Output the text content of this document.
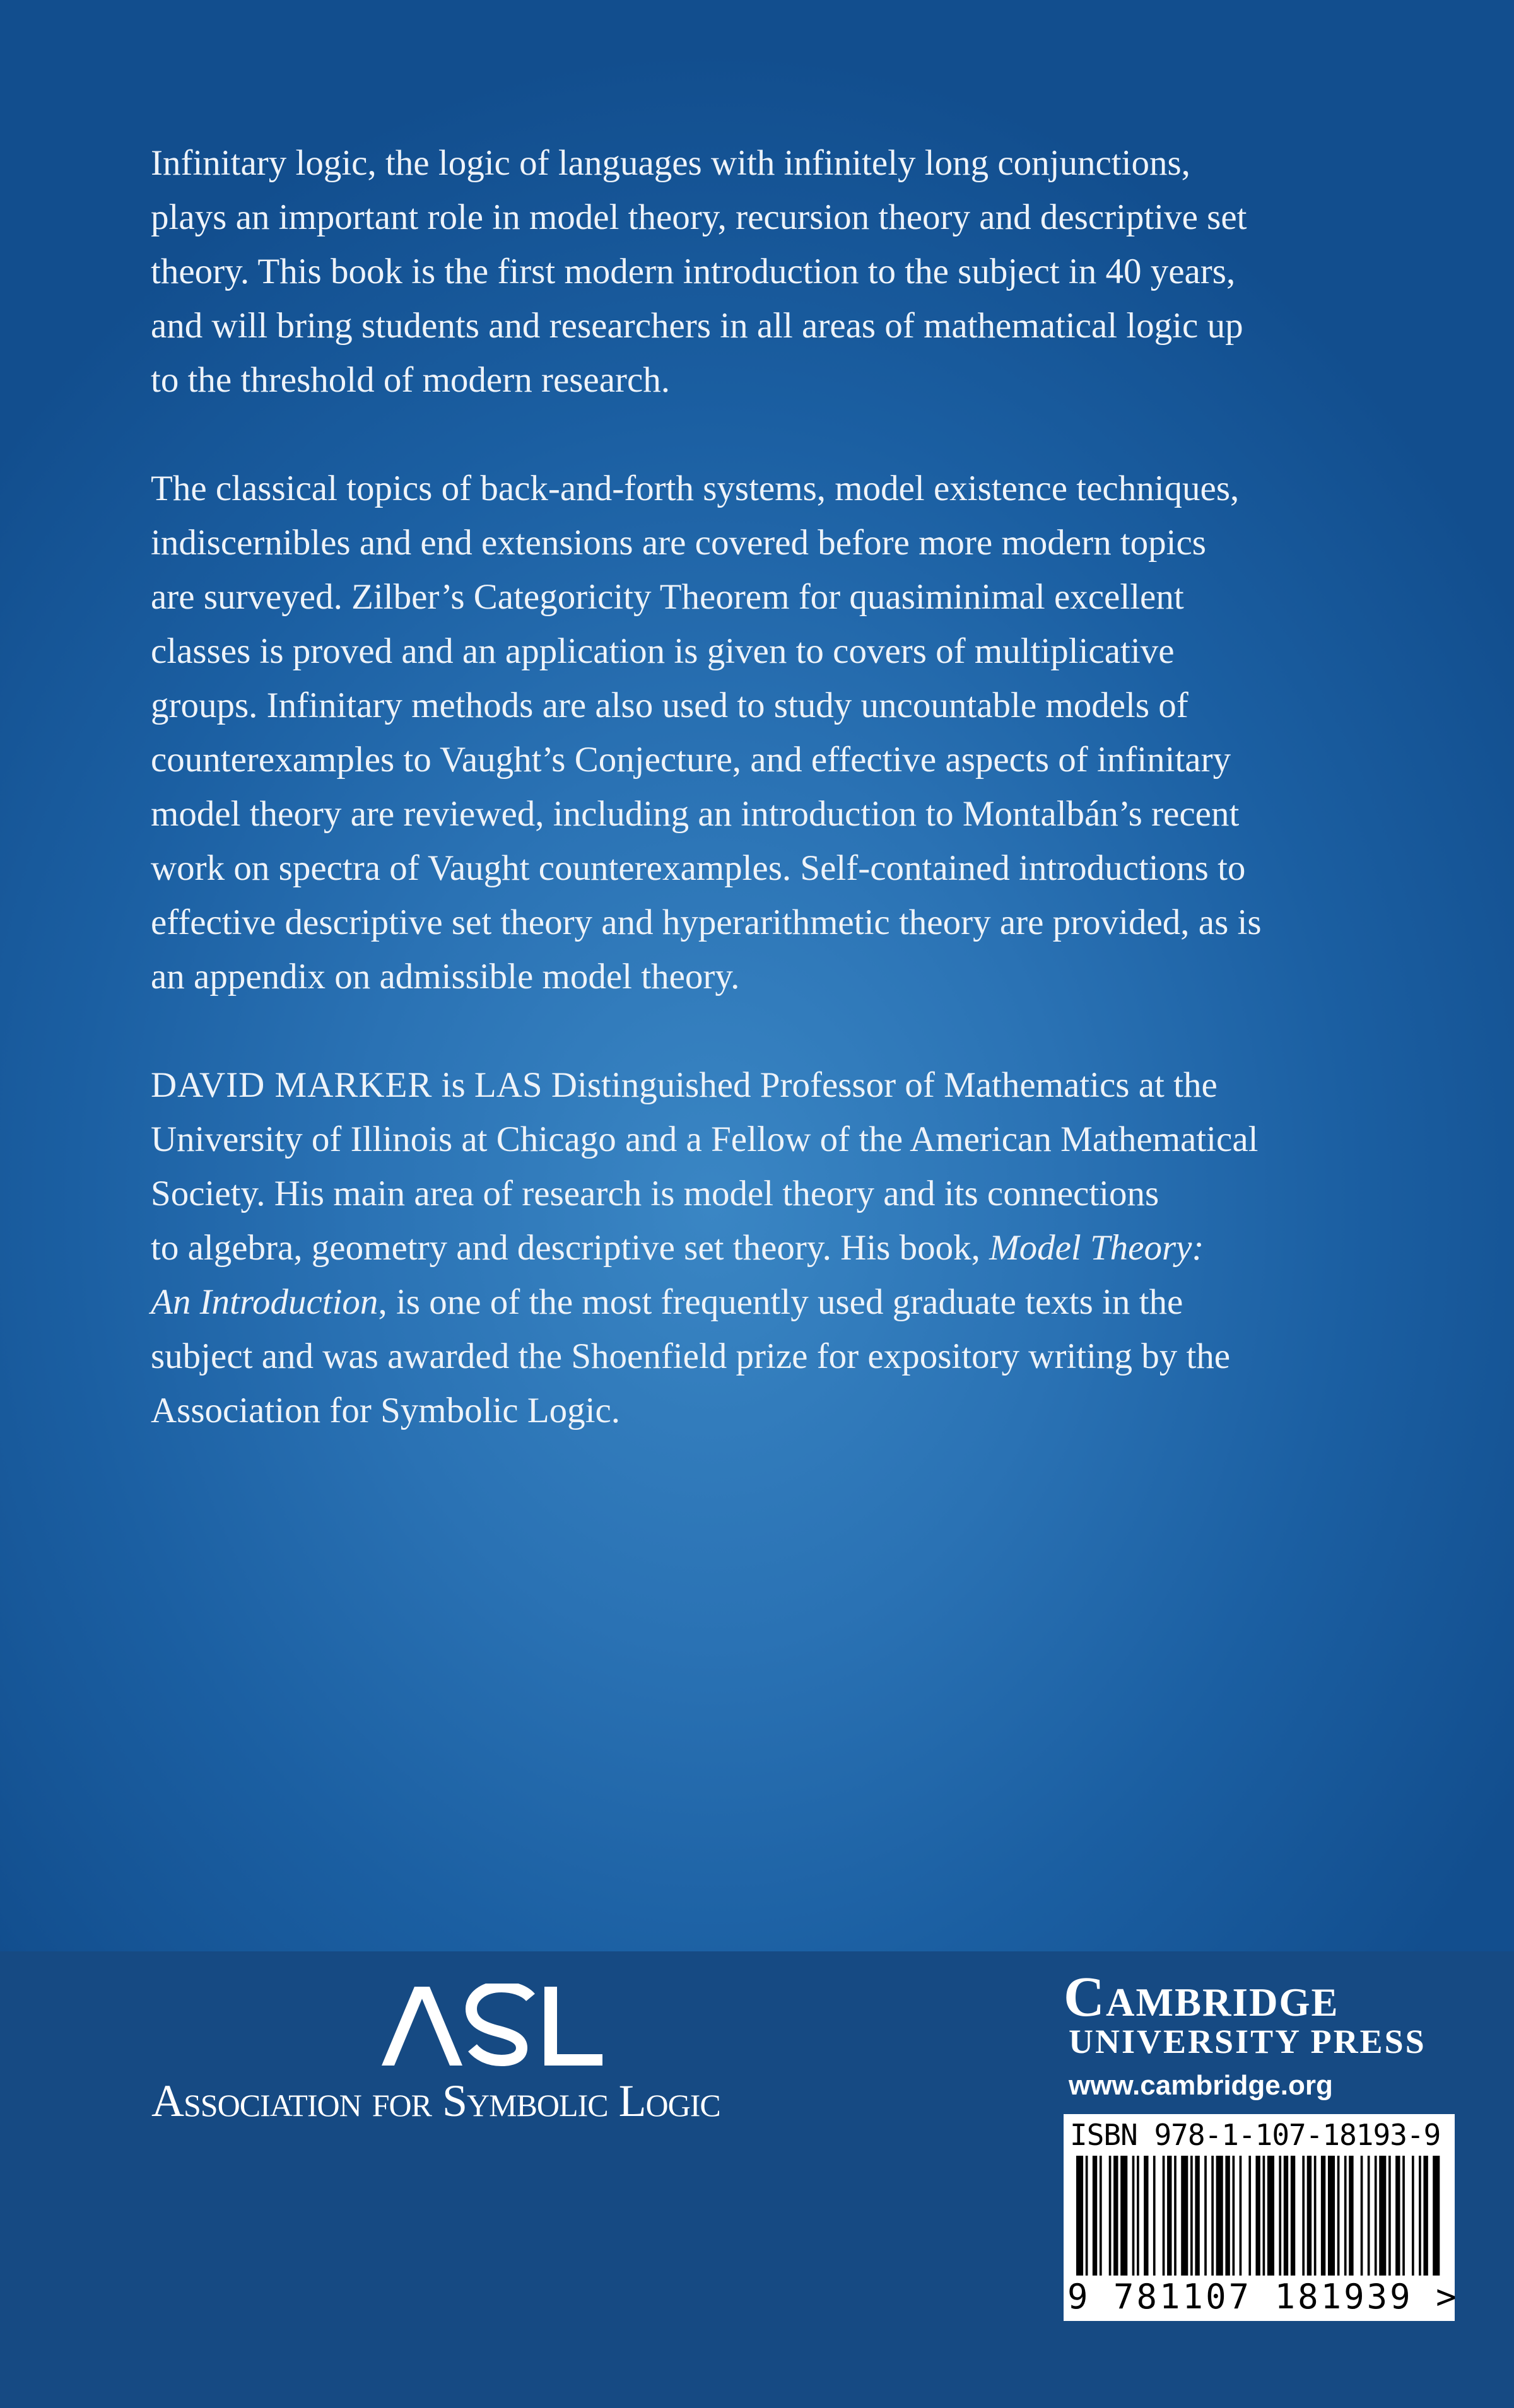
Infinitary logic, the logic of languages with infinitely long conjunctions,
plays an important role in model theory, recursion theory and descriptive set
theory. This book is the first modern introduction to the subject in 40 years,
and will bring students and researchers in all areas of mathematical logic up
to the threshold of modern research.

The classical topics of back-and-forth systems, model existence techniques,
indiscernibles and end extensions are covered before more modern topics
are surveyed. Zilber’s Categoricity Theorem for quasiminimal excellent
classes is proved and an application is given to covers of multiplicative
groups. Infinitary methods are also used to study uncountable models of
counterexamples to Vaught’s Conjecture, and effective aspects of infinitary
model theory are reviewed, including an introduction to Montalbán’s recent
work on spectra of Vaught counterexamples. Self-contained introductions to
effective descriptive set theory and hyperarithmetic theory are provided, as is
an appendix on admissible model theory.

DAVID MARKER is LAS Distinguished Professor of Mathematics at the
University of Illinois at Chicago and a Fellow of the American Mathematical
Society. His main area of research is model theory and its connections
to algebra, geometry and descriptive set theory. His book, Model Theory:
An Introduction, is one of the most frequently used graduate texts in the
subject and was awarded the Shoenfield prize for expository writing by the
Association for Symbolic Logic.

Association for Symbolic Logic
Cambridge
UNIVERSITY PRESS
www.cambridge.org
ISBN 978-1-107-18193-9
9 781107 181939 >
